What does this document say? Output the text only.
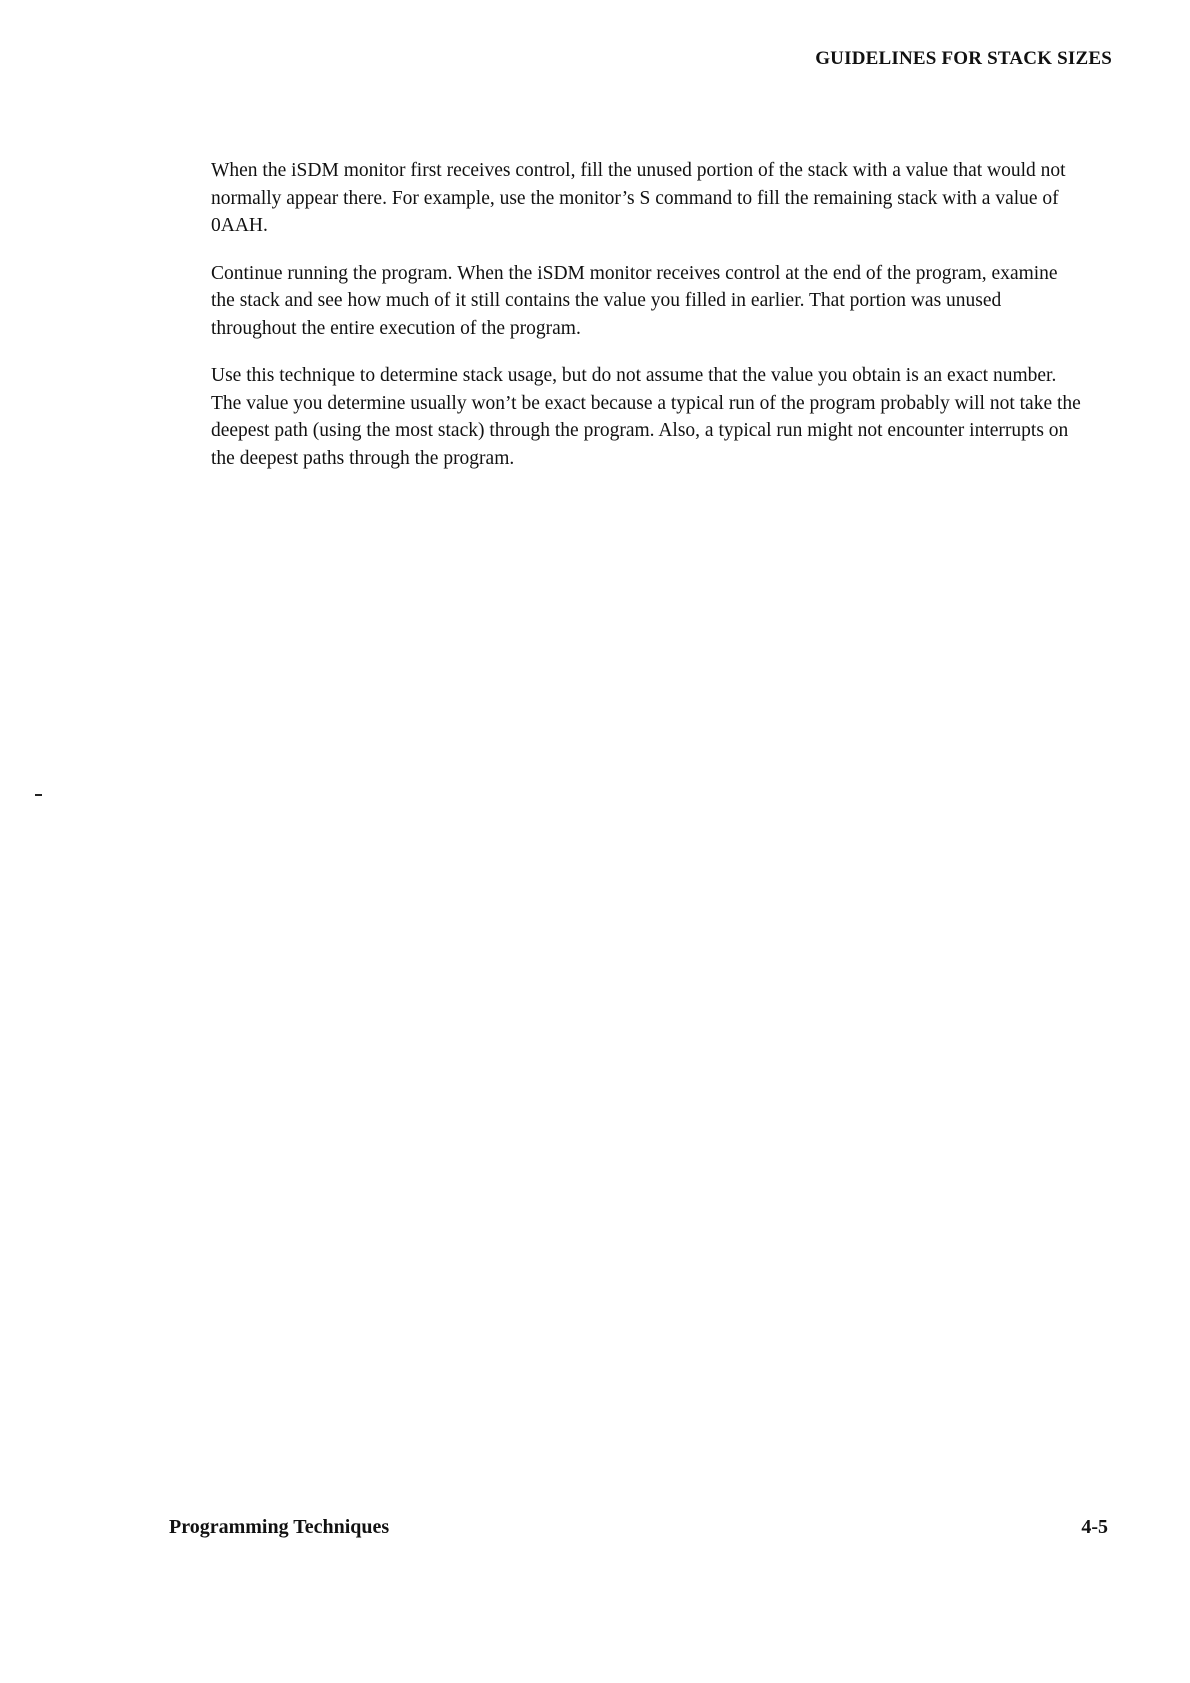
GUIDELINES FOR STACK SIZES

When the iSDM monitor first receives control, fill the unused portion of the stack with a value that would not normally appear there. For example, use the monitor’s S command to fill the remaining stack with a value of 0AAH.

Continue running the program. When the iSDM monitor receives control at the end of the program, examine the stack and see how much of it still contains the value you filled in earlier. That portion was unused throughout the entire execution of the program.

Use this technique to determine stack usage, but do not assume that the value you obtain is an exact number. The value you determine usually won’t be exact because a typical run of the program probably will not take the deepest path (using the most stack) through the program. Also, a typical run might not encounter interrupts on the deepest paths through the program.

Programming Techniques	4-5
